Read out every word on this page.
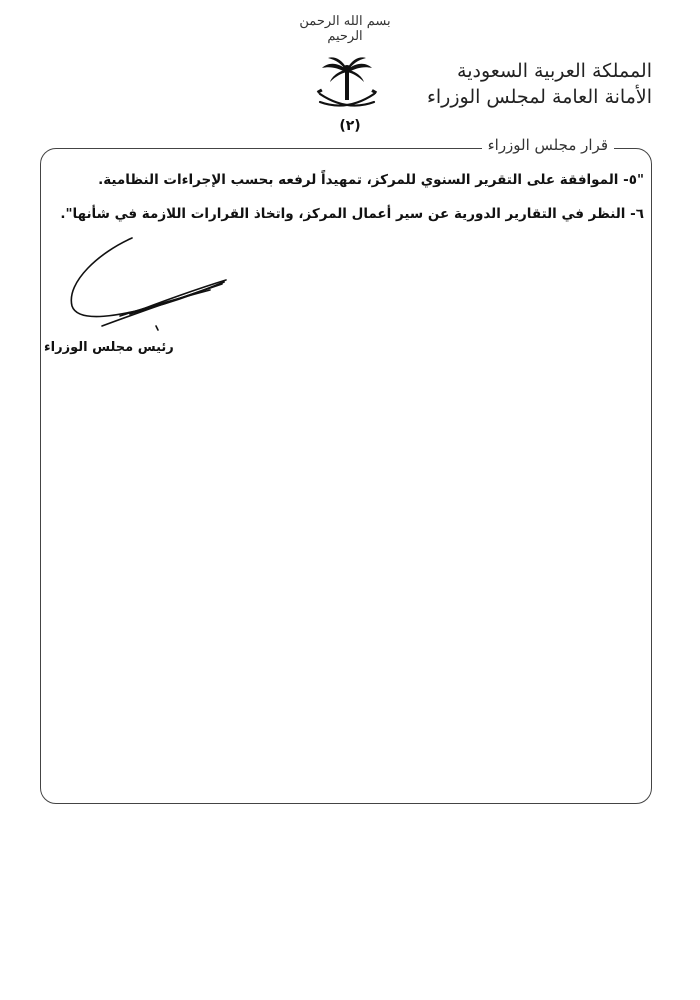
بسم الله الرحمن الرحيم
(٢)
المملكة العربية السعودية
الأمانة العامة لمجلس الوزراء
قرار مجلس الوزراء
"٥- الموافقة على التقرير السنوي للمركز، تمهيداً لرفعه بحسب الإجراءات النظامية.
٦- النظر في التقارير الدورية عن سير أعمال المركز، واتخاذ القرارات اللازمة في شأنها".
رئيس مجلس الوزراء
